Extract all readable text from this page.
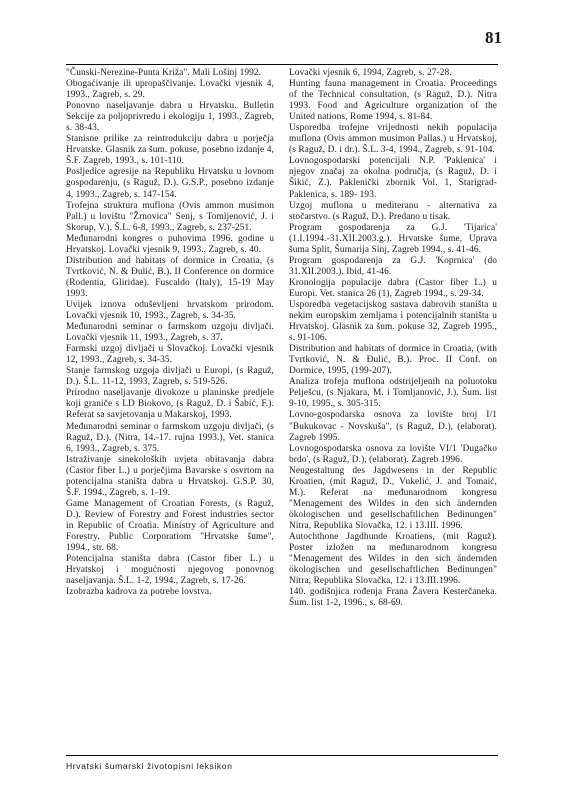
81

"Čunski-Nerezine-Punta Križa". Mali Lošinj 1992.

Obogaćivanje ili upropaščivanje. Lovački vjesnik 4, 1993., Zagreb, s. 29.

Ponovno naseljavanje dabra u Hrvatsku. Bulletin Sekcije za poljoprivredu i ekologiju 1, 1993., Zagreb, s. 38-43.

Stanisne prilike za reintrodukciju dabra u porječja Hrvatske. Glasnik za šum. pokuse, posebno izdanje 4, Š.F. Zagreb, 1993., s. 101-110.

Posljedice agresije na Republiku Hrvatsku u lovnom gospodarenju, (s Raguž, D.). G.S.P., posebno izdanje 4, 1993., Zagreb, s. 147-154.

Trofejna struktura muflona (Ovis ammon musimon Pall.) u lovištu "Žrnovica" Senj, s Tomljenović, J. i Skorup, V.). Š.L. 6-8, 1993., Zagreb, s. 237-251.

Međunarodni kongres o puhovima 1996. godine u Hrvatskoj. Lovački vjesnik 9, 1993., Zagreb, s. 40.

Distribution and habitats of dormice in Croatia, (s Tvrtković, N. & Đulić, B.). II Conference on dormice (Rodentia, Gliridae). Fuscaldo (Italy), 15-19 May 1993.

Uvijek iznova oduševljeni hrvatskom prirodom. Lovački vjesnik 10, 1993., Zagreb, s. 34-35.

Međunarodni seminar o farmskom uzgoju divljači. Lovački vjesnik 11, 1993., Zagreb, s. 37.

Farmski uzgoj divljači u Slovačkoj. Lovački vjesnik 12, 1993., Zagreb, s. 34-35.

Stanje farmskog uzgoja divljači u Europi, (s Raguž, D.). Š.L. 11-12, 1993, Zagreb, s. 519-526.

Prirodno naseljavanje divokoze u planinske predjele koji graniče s LD Biokovo, (s Raguž, D. i Šabić, F.). Referat sa savjetovanja u Makarskoj, 1993.

Međunarodni seminar o farmskom uzgoju divljači, (s Raguž, D.). (Nitra, 14.-17. rujna 1993.), Vet. stanica 6, 1993., Zagreb, s. 375.

Istraživanje sinekoloških uvjeta obitavanja dabra (Castor fiber L.) u porječjima Bavarske s osvrtom na potencijalna staništa dabra u Hrvatskoj. G.S.P. 30, Š.F. 1994., Zagreb, s. 1-19.

Game Management of Croatian Forests, (s Raguž, D.). Review of Forestry and Forest industries sector in Republic of Croatia. Ministry of Agriculture and Forestry. Public Corporatiom "Hrvatske šume", 1994., str. 68.

Potencijalna staništa dabra (Castor fiber L.) u Hrvatskoj i mogućnosti njegovog ponovnog naseljavanja. Š.L. 1-2, 1994., Zagreb, s. 17-26.

Izobrazba kadrova za potrebe lovstva.

Lovački vjesnik 6, 1994, Zagreb, s. 27-28.

Hunting fauna management in Croatia. Proceedings of the Technical consultation, (s Raguž, D.). Nitra 1993. Food and Agriculture organization of the United nations, Rome 1994, s. 81-84.

Usporedba trofejne vrijednosti nekih populacija muflona (Ovis ammon musimon Pallas.) u Hrvatskoj, (s Raguž, D. i dr.). Š.L. 3-4, 1994., Zagreb, s. 91-104.

Lovnogospodarski potencijali N.P. 'Paklenica' i njegov značaj za okolna područja, (s Raguž, D. i Šikić, Z.). Paklenički zbornik Vol. 1, Starigrad-Paklenica, s. 189- 193.

Uzgoj muflona u mediteranu - alternativa za stočarstvo. (s Raguž, D.). Predano u tisak.

Program gospodarenja za G.J. 'Tijarica' (1.I.1994.-31.XII.2003.g.). Hrvatske šume, Uprava šuma Split, Šumarija Sinj, Zagreb 1994., s. 41-46.

Program gospodarenja za G.J. 'Koprnica' (do 31.XII.2003.). Ibid, 41-46.

Kronologija populacije dabra (Castor fiber L.) u Europi. Vet. stanica 26 (1), Zagreb 1994., s. 29-34.

Usporedba vegetacijskog sastava dabrovih staništa u nekim europskim zemljama i potencijalnih staništa u Hrvatskoj. Glasnik za šum. pokuse 32, Zagreb 1995., s. 91-106.

Distribution and habitats of dormice in Croatia, (with Tvrtković, N. & Đulić, B.). Proc. II Conf. on Dormice, 1995, (199-207).

Analiza trofeja muflona odstrijeljenih na poluotoku Pelješcu, (s Njakara, M. i Tomljanović, J.). Šum. list 9-10, 1995., s. 305-315.

Lovno-gospodarska osnova za lovište broj I/1 "Bukukovac - Novskuša", (s Raguž, D.), (elaborat). Zagreb 1995.

Lovnogospodarska osnova za lovište VI/1 'Dugačko brdo', (s Raguž, D.), (elaborat). Zagreb 1996.

Neugestaltung des Jagdwesens in der Republic Kroatien, (mit Raguž, D., Vukelić, J. and Tomaić, M.). Referat na međunarodnom kongresu "Menagement des Wildes in den sich ändernden ökologischen und gesellschaftlichen Bedinungen" Nitra, Republika Slovačka, 12. i 13.III. 1996.

Autochthone Jagdhunde Kroatiens, (mit Raguž). Poster izložen na međunarodnom kongresu "Menagement des Wildes in den sich ändernden ökologischen und gesellschaftlichen Bedinungen" Nitra, Republika Slovačka, 12. i 13.III.1996.

140. godišnjica rođenja Frana Žavera Kesterčaneka. Šum. list 1-2, 1996., s. 68-69.

Hrvatski šumarski životopisni leksikon
